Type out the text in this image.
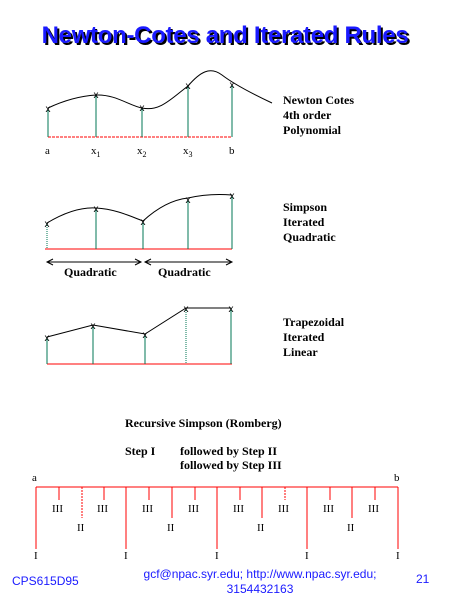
Newton-Cotes and Iterated Rules
x
x
x
x	x
x
x
x
x	x
x
x
x
x	x
Newton Cotes
4th order
Polynomial
a	$x_1$	$x_2$	$x_3$	b
Simpson
Iterated
Quadratic
Quadratic	Quadratic
Trapezoidal
Iterated
Linear
Recursive Simpson (Romberg)
Step I followed by Step II
followed by Step III
a	b
III	III	III	III	III	III	III	III
II	II	II	II
I	I	I	I	I
CPS615D95	gcf@npac.syr.edu; http://www.npac.syr.edu;
3154432163
21
